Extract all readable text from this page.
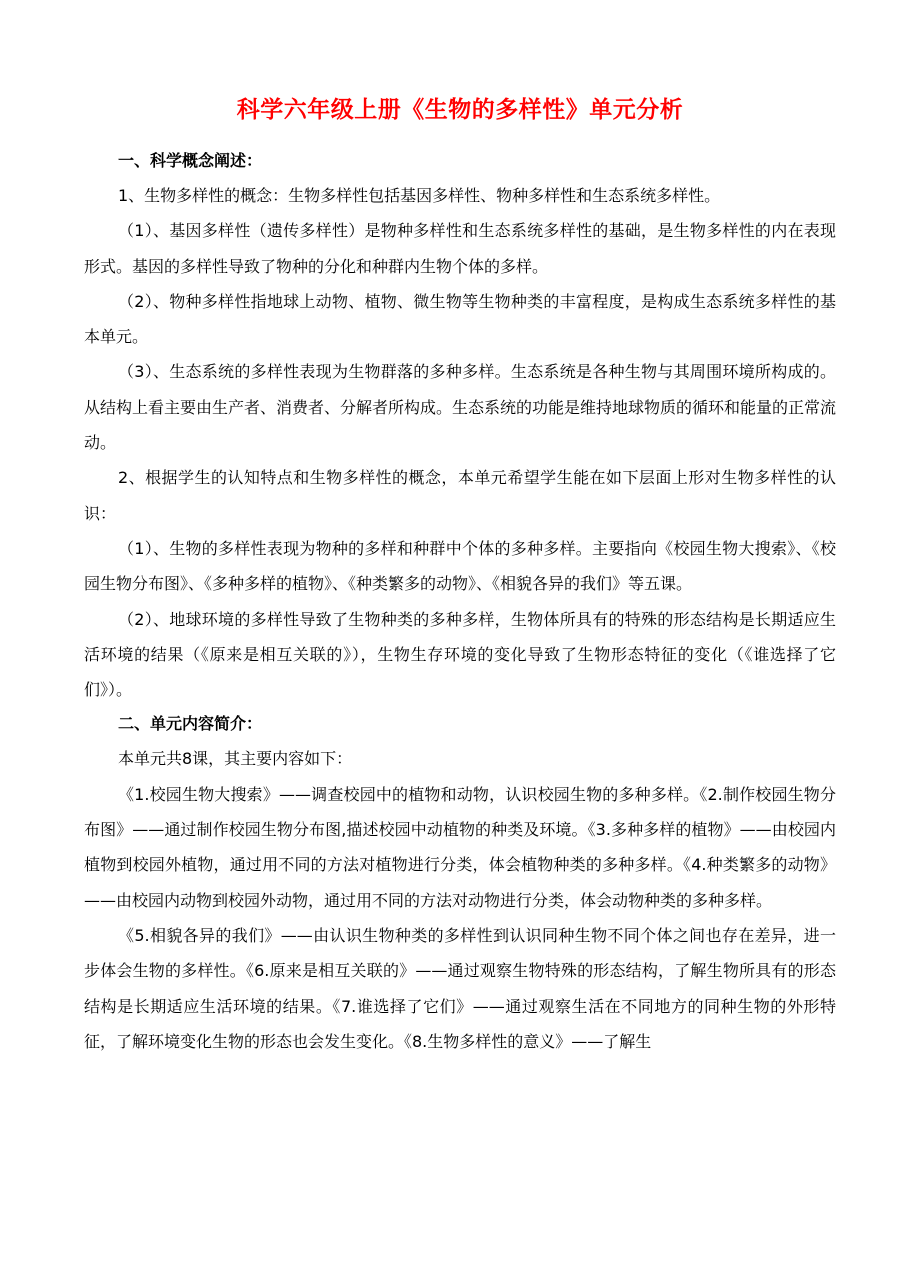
科学六年级上册《生物的多样性》单元分析

一、科学概念阐述：

1、生物多样性的概念：生物多样性包括基因多样性、物种多样性和生态系统多样性。

（1）、基因多样性（遗传多样性）是物种多样性和生态系统多样性的基础，是生物多样性的内在表现形式。基因的多样性导致了物种的分化和种群内生物个体的多样。

（2）、物种多样性指地球上动物、植物、微生物等生物种类的丰富程度，是构成生态系统多样性的基本单元。

（3）、生态系统的多样性表现为生物群落的多种多样。生态系统是各种生物与其周围环境所构成的。从结构上看主要由生产者、消费者、分解者所构成。生态系统的功能是维持地球物质的循环和能量的正常流动。

2、根据学生的认知特点和生物多样性的概念，本单元希望学生能在如下层面上形对生物多样性的认识：

（1）、生物的多样性表现为物种的多样和种群中个体的多种多样。主要指向《校园生物大搜索》、《校园生物分布图》、《多种多样的植物》、《种类繁多的动物》、《相貌各异的我们》等五课。

（2）、地球环境的多样性导致了生物种类的多种多样，生物体所具有的特殊的形态结构是长期适应生活环境的结果（《原来是相互关联的》），生物生存环境的变化导致了生物形态特征的变化（《谁选择了它们》）。

二、单元内容简介：

本单元共8课，其主要内容如下：

《1.校园生物大搜索》——调查校园中的植物和动物，认识校园生物的多种多样。《2.制作校园生物分布图》——通过制作校园生物分布图,描述校园中动植物的种类及环境。《3.多种多样的植物》——由校园内植物到校园外植物，通过用不同的方法对植物进行分类，体会植物种类的多种多样。《4.种类繁多的动物》——由校园内动物到校园外动物，通过用不同的方法对动物进行分类，体会动物种类的多种多样。

《5.相貌各异的我们》——由认识生物种类的多样性到认识同种生物不同个体之间也存在差异，进一步体会生物的多样性。《6.原来是相互关联的》——通过观察生物特殊的形态结构，了解生物所具有的形态结构是长期适应生活环境的结果。《7.谁选择了它们》——通过观察生活在不同地方的同种生物的外形特征，了解环境变化生物的形态也会发生变化。《8.生物多样性的意义》——了解生
